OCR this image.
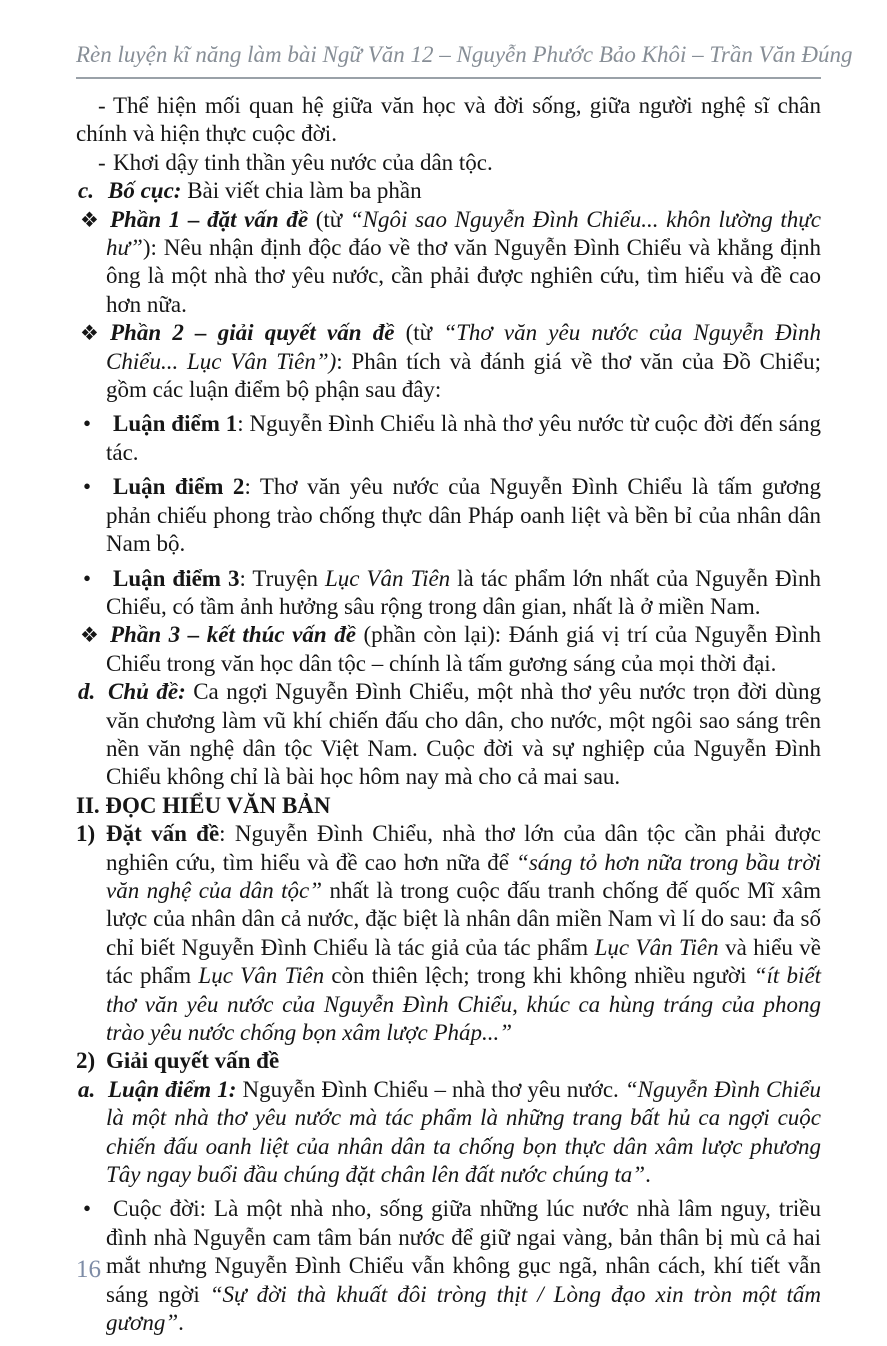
Rèn luyện kĩ năng làm bài Ngữ Văn 12 – Nguyễn Phước Bảo Khôi – Trần Văn Đúng

- Thể hiện mối quan hệ giữa văn học và đời sống, giữa người nghệ sĩ chân chính và hiện thực cuộc đời.

- Khơi dậy tinh thần yêu nước của dân tộc.

c. Bố cục: Bài viết chia làm ba phần

❖ Phần 1 – đặt vấn đề (từ “Ngôi sao Nguyễn Đình Chiểu... khôn lường thực hư”): Nêu nhận định độc đáo về thơ văn Nguyễn Đình Chiểu và khẳng định ông là một nhà thơ yêu nước, cần phải được nghiên cứu, tìm hiểu và đề cao hơn nữa.

❖ Phần 2 – giải quyết vấn đề (từ “Thơ văn yêu nước của Nguyễn Đình Chiểu... Lục Vân Tiên”): Phân tích và đánh giá về thơ văn của Đồ Chiểu; gồm các luận điểm bộ phận sau đây:

• Luận điểm 1: Nguyễn Đình Chiểu là nhà thơ yêu nước từ cuộc đời đến sáng tác.

• Luận điểm 2: Thơ văn yêu nước của Nguyễn Đình Chiểu là tấm gương phản chiếu phong trào chống thực dân Pháp oanh liệt và bền bỉ của nhân dân Nam bộ.

• Luận điểm 3: Truyện Lục Vân Tiên là tác phẩm lớn nhất của Nguyễn Đình Chiểu, có tầm ảnh hưởng sâu rộng trong dân gian, nhất là ở miền Nam.

❖ Phần 3 – kết thúc vấn đề (phần còn lại): Đánh giá vị trí của Nguyễn Đình Chiểu trong văn học dân tộc – chính là tấm gương sáng của mọi thời đại.

d. Chủ đề: Ca ngợi Nguyễn Đình Chiểu, một nhà thơ yêu nước trọn đời dùng văn chương làm vũ khí chiến đấu cho dân, cho nước, một ngôi sao sáng trên nền văn nghệ dân tộc Việt Nam. Cuộc đời và sự nghiệp của Nguyễn Đình Chiểu không chỉ là bài học hôm nay mà cho cả mai sau.

II. ĐỌC HIỂU VĂN BẢN

1) Đặt vấn đề: Nguyễn Đình Chiểu, nhà thơ lớn của dân tộc cần phải được nghiên cứu, tìm hiểu và đề cao hơn nữa để “sáng tỏ hơn nữa trong bầu trời văn nghệ của dân tộc” nhất là trong cuộc đấu tranh chống đế quốc Mĩ xâm lược của nhân dân cả nước, đặc biệt là nhân dân miền Nam vì lí do sau: đa số chỉ biết Nguyễn Đình Chiểu là tác giả của tác phẩm Lục Vân Tiên và hiểu về tác phẩm Lục Vân Tiên còn thiên lệch; trong khi không nhiều người “ít biết thơ văn yêu nước của Nguyễn Đình Chiểu, khúc ca hùng tráng của phong trào yêu nước chống bọn xâm lược Pháp...”

2) Giải quyết vấn đề

a. Luận điểm 1: Nguyễn Đình Chiểu – nhà thơ yêu nước. “Nguyễn Đình Chiểu là một nhà thơ yêu nước mà tác phẩm là những trang bất hủ ca ngợi cuộc chiến đấu oanh liệt của nhân dân ta chống bọn thực dân xâm lược phương Tây ngay buổi đầu chúng đặt chân lên đất nước chúng ta”.

• Cuộc đời: Là một nhà nho, sống giữa những lúc nước nhà lâm nguy, triều đình nhà Nguyễn cam tâm bán nước để giữ ngai vàng, bản thân bị mù cả hai mắt nhưng Nguyễn Đình Chiểu vẫn không gục ngã, nhân cách, khí tiết vẫn sáng ngời “Sự đời thà khuất đôi tròng thịt / Lòng đạo xin tròn một tấm gương”.

16
